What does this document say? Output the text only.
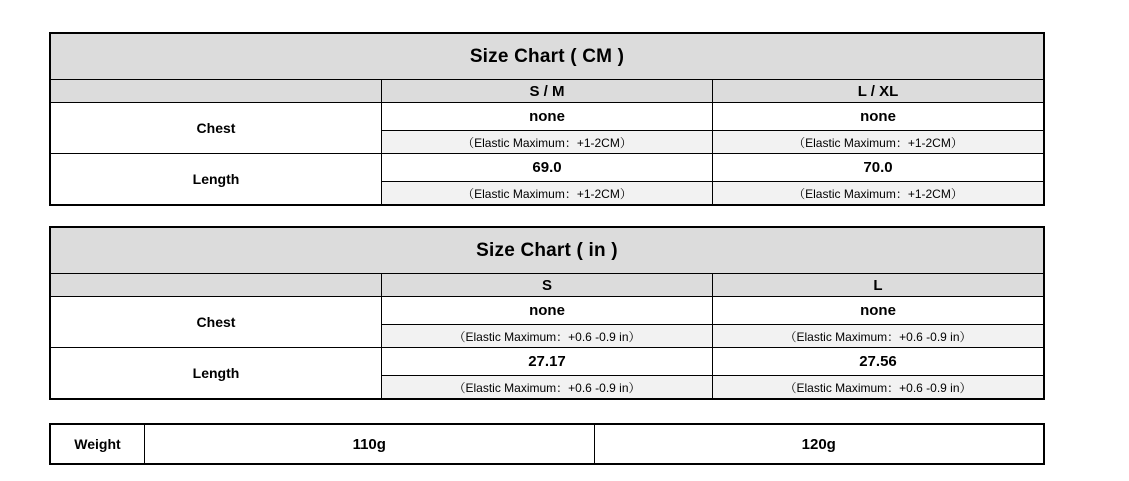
Size Chart ( CM )		
	S / M	L / XL
Chest	none	none
	（Elastic Maximum：+1-2CM）	（Elastic Maximum：+1-2CM）
Length	69.0	70.0
	（Elastic Maximum：+1-2CM）	（Elastic Maximum：+1-2CM）
Size Chart ( in )		
	S	L
Chest	none	none
	（Elastic Maximum：+0.6 -0.9 in）	（Elastic Maximum：+0.6 -0.9 in）
Length	27.17	27.56
	（Elastic Maximum：+0.6 -0.9 in）	（Elastic Maximum：+0.6 -0.9 in）
Weight	110g	120g
